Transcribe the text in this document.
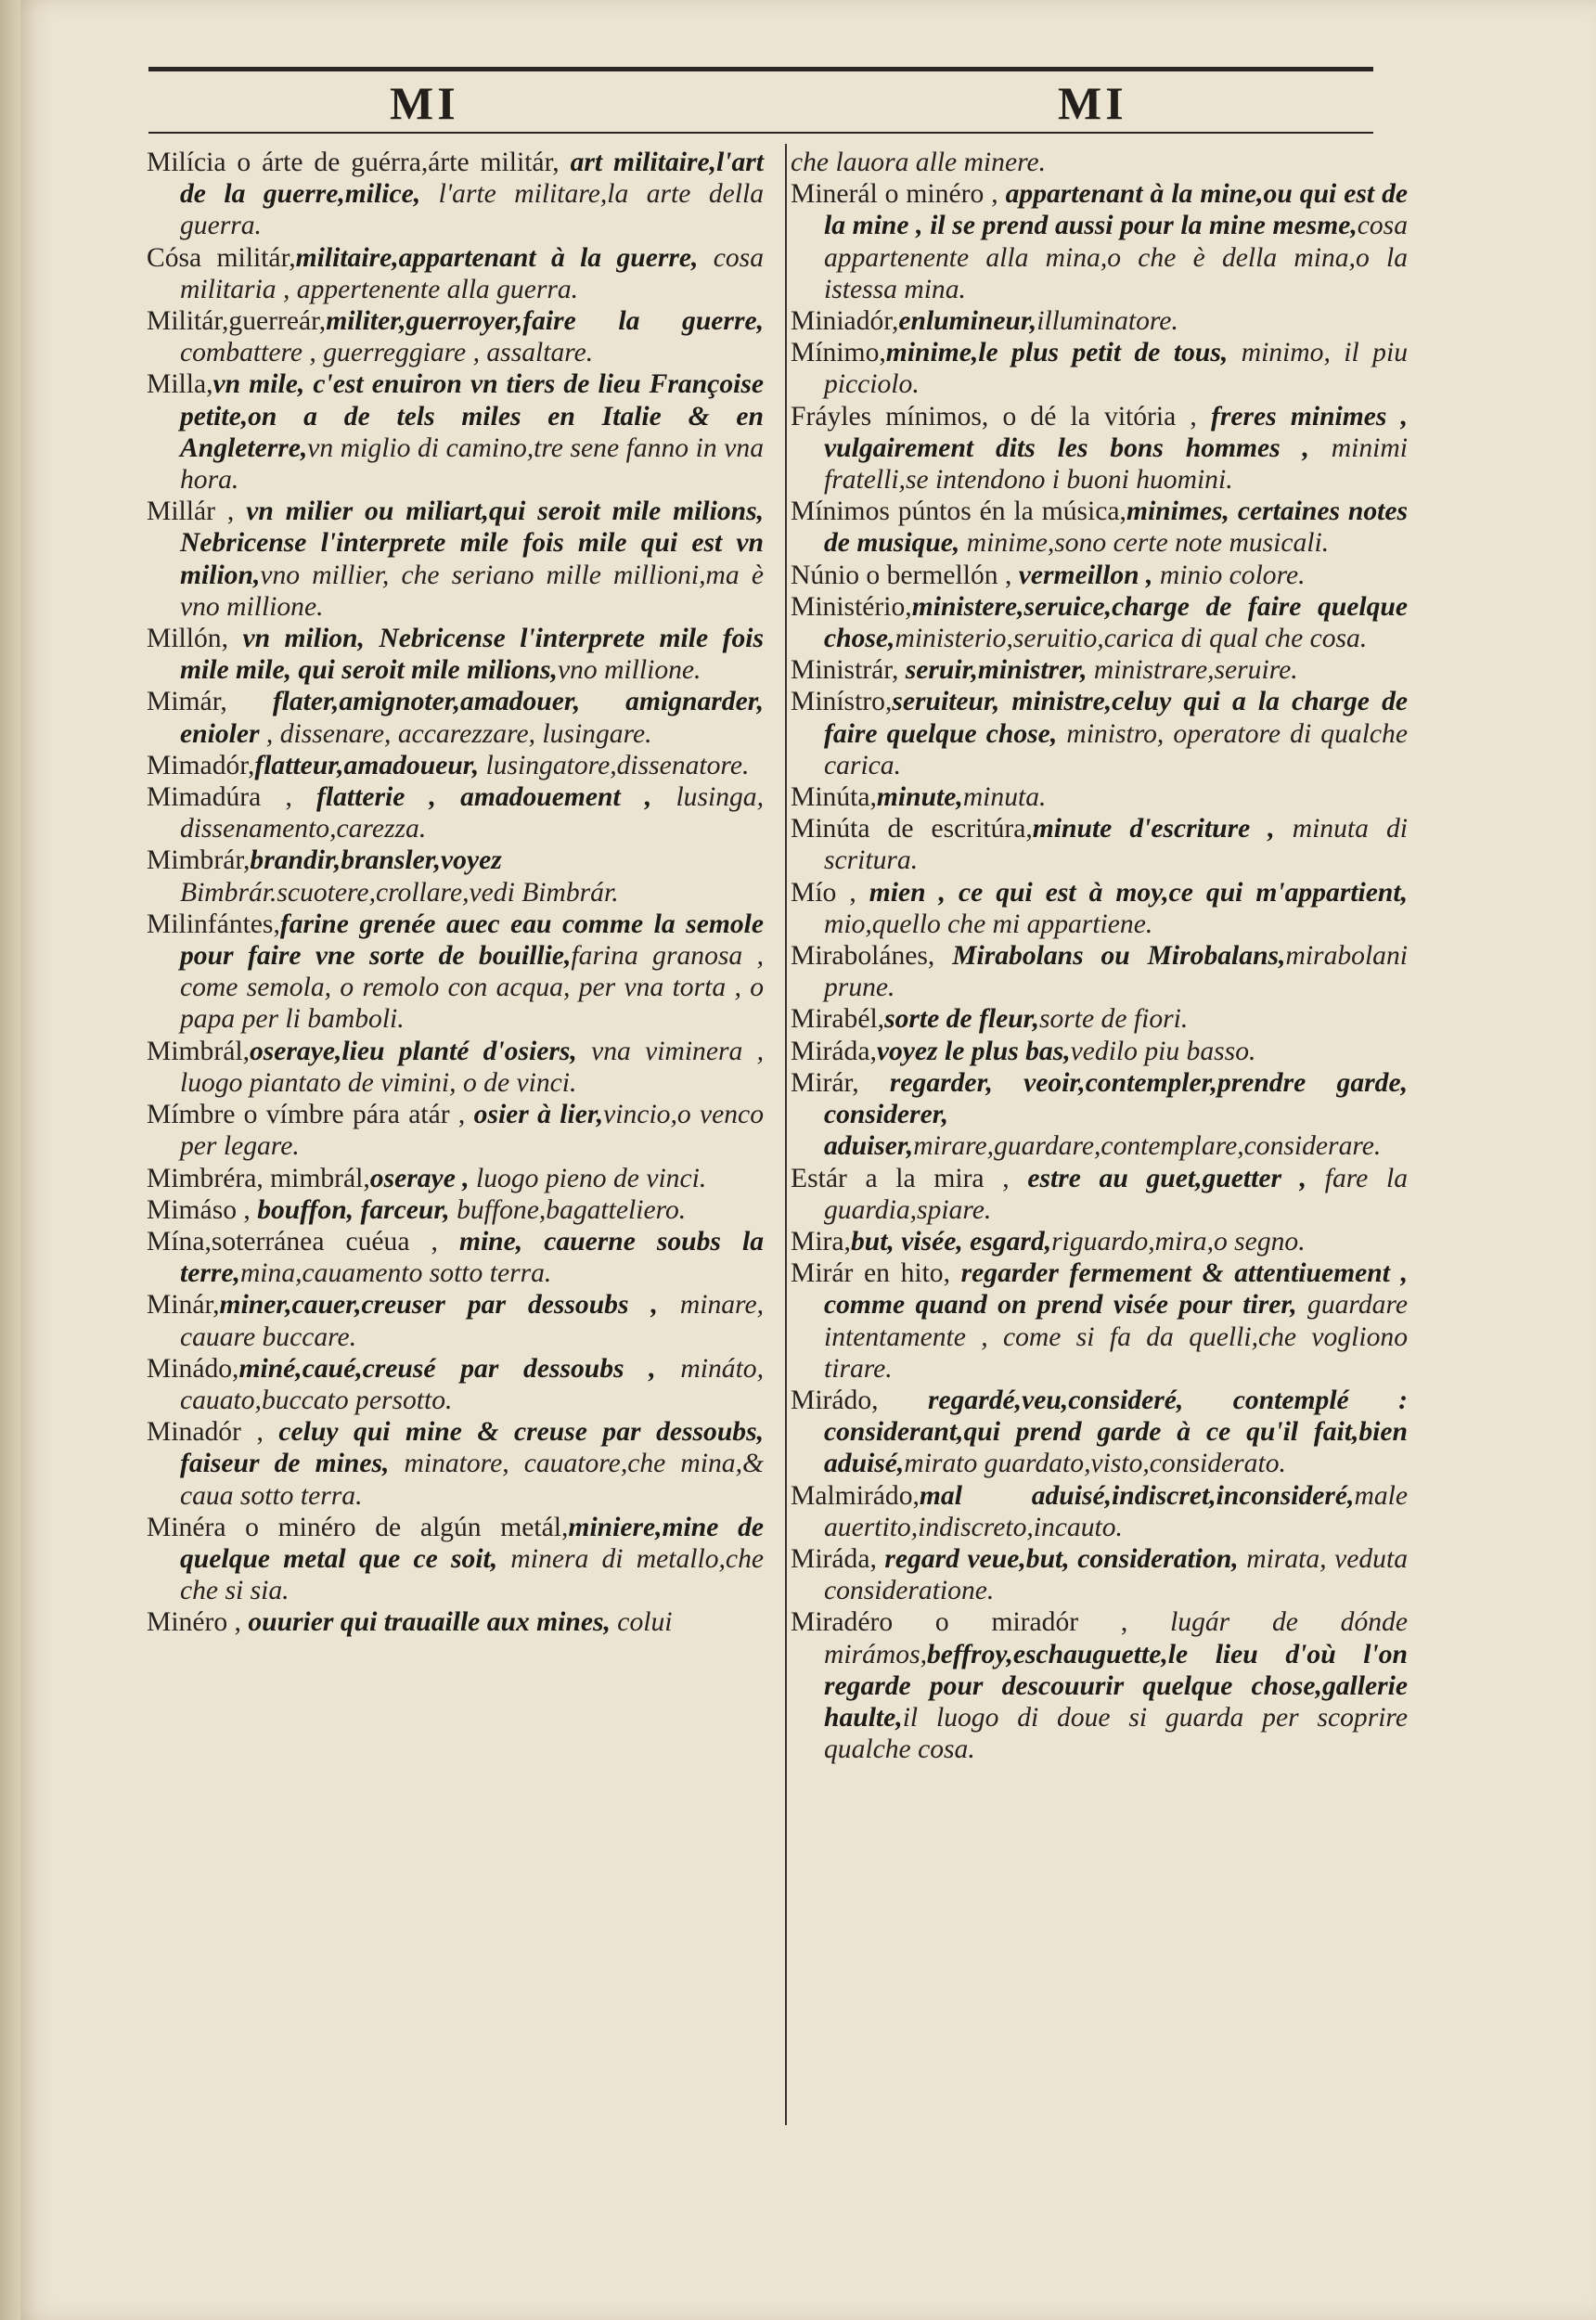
MI	MI

Milícia o árte de guérra,árte militár, art militaire,l'art de la guerre,milice, l'arte militare,la arte della guerra.

Cósa militár,militaire,appartenant à la guerre, cosa militaria , appertenente alla guerra.

Militár,guerreár,militer,guerroyer,faire la guerre, combattere , guerreggiare , assaltare.

Milla,vn mile, c'est enuiron vn tiers de lieu Françoise petite,on a de tels miles en Italie & en Angleterre,vn miglio di camino,tre sene fanno in vna hora.

Millár , vn milier ou miliart,qui seroit mile milions, Nebricense l'interprete mile fois mile qui est vn milion,vno millier, che seriano mille millioni,ma è vno millione.

Millón, vn milion, Nebricense l'interprete mile fois mile mile, qui seroit mile milions,vno millione.

Mimár, flater,amignoter,amadouer, amignarder, enioler , dissenare, accarezzare, lusingare.

Mimadór,flatteur,amadoueur, lusingatore,dissenatore.

Mimadúra , flatterie , amadouement , lusinga, dissenamento,carezza.

Mimbrár,brandir,bransler,voyez Bimbrár.scuotere,crollare,vedi Bimbrár.

Milinfántes,farine grenée auec eau comme la semole pour faire vne sorte de bouillie,farina granosa , come semola, o remolo con acqua, per vna torta , o papa per li bamboli.

Mimbrál,oseraye,lieu planté d'osiers, vna viminera , luogo piantato de vimini, o de vinci.

Mímbre o vímbre pára atár , osier à lier,vincio,o venco per legare.

Mimbréra, mimbrál,oseraye , luogo pieno de vinci.

Mimáso , bouffon, farceur, buffone,bagatteliero.

Mína,soterránea cuéua , mine, cauerne soubs la terre,mina,cauamento sotto terra.

Minár,miner,cauer,creuser par dessoubs , minare, cauare buccare.

Minádo,miné,caué,creusé par dessoubs , mináto, cauato,buccato persotto.

Minadór , celuy qui mine & creuse par dessoubs, faiseur de mines, minatore, cauatore,che mina,& caua sotto terra.

Minéra o minéro de algún metál,miniere,mine de quelque metal que ce soit, minera di metallo,che che si sia.

Minéro , ouurier qui trauaille aux mines, colui

che lauora alle minere.

Minerál o minéro , appartenant à la mine,ou qui est de la mine , il se prend aussi pour la mine mesme,cosa appartenente alla mina,o che è della mina,o la istessa mina.

Miniadór,enlumineur,illuminatore.

Mínimo,minime,le plus petit de tous, minimo, il piu picciolo.

Fráyles mínimos, o dé la vitória , freres minimes , vulgairement dits les bons hommes , minimi fratelli,se intendono i buoni huomini.

Mínimos púntos én la música,minimes, certaines notes de musique, minime,sono certe note musicali.

Núnio o bermellón , vermeillon , minio colore.

Ministério,ministere,seruice,charge de faire quelque chose,ministerio,seruitio,carica di qual che cosa.

Ministrár, seruir,ministrer, ministrare,seruire.

Minístro,seruiteur, ministre,celuy qui a la charge de faire quelque chose, ministro, operatore di qualche carica.

Minúta,minute,minuta.

Minúta de escritúra,minute d'escriture , minuta di scritura.

Mío , mien , ce qui est à moy,ce qui m'appartient, mio,quello che mi appartiene.

Mirabolánes, Mirabolans ou Mirobalans,mirabolani prune.

Mirabél,sorte de fleur,sorte de fiori.

Miráda,voyez le plus bas,vedilo piu basso.

Mirár, regarder, veoir,contempler,prendre garde, considerer, aduiser,mirare,guardare,contemplare,considerare.

Estár a la mira , estre au guet,guetter , fare la guardia,spiare.

Mira,but, visée, esgard,riguardo,mira,o segno.

Mirár en hito, regarder fermement & attentiuement , comme quand on prend visée pour tirer, guardare intentamente , come si fa da quelli,che vogliono tirare.

Mirádo, regardé,veu,consideré, contemplé : considerant,qui prend garde à ce qu'il fait,bien aduisé,mirato guardato,visto,considerato.

Malmirádo,mal aduisé,indiscret,inconsideré,male auertito,indiscreto,incauto.

Miráda, regard veue,but, consideration, mirata, veduta consideratione.

Miradéro o miradór , lugár de dónde mirámos,beffroy,eschauguette,le lieu d'où l'on regarde pour descouurir quelque chose,gallerie haulte,il luogo di doue si guarda per scoprire qualche cosa.
